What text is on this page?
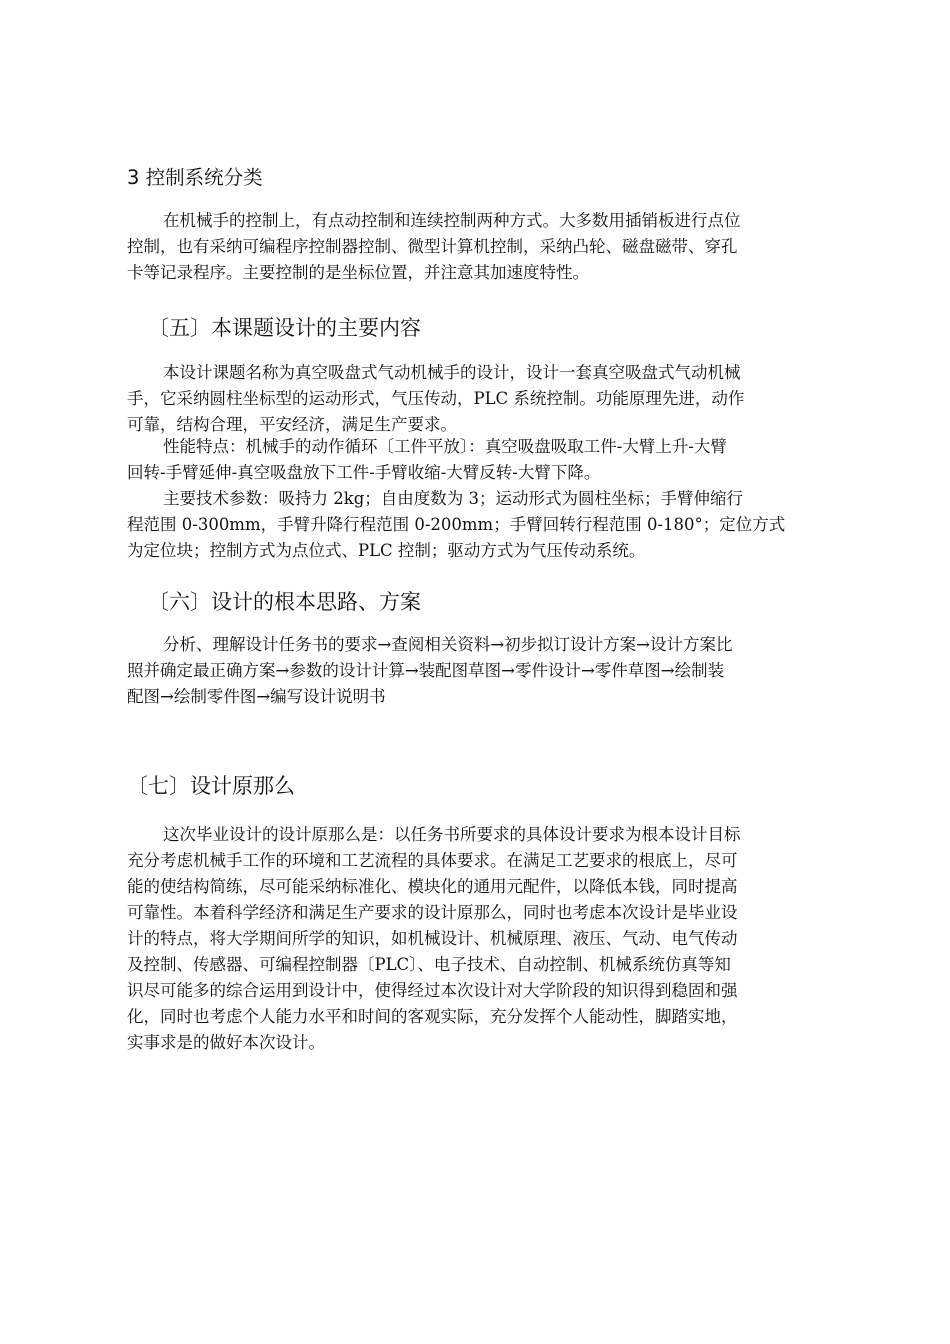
3 控制系统分类

在机械手的控制上，有点动控制和连续控制两种方式。大多数用插销板进行点位
控制，也有采纳可编程序控制器控制、微型计算机控制，采纳凸轮、磁盘磁带、穿孔
卡等记录程序。主要控制的是坐标位置，并注意其加速度特性。

〔五〕本课题设计的主要内容

本设计课题名称为真空吸盘式气动机械手的设计，设计一套真空吸盘式气动机械
手，它采纳圆柱坐标型的运动形式，气压传动，PLC 系统控制。功能原理先进，动作
可靠，结构合理，平安经济，满足生产要求。

性能特点：机械手的动作循环〔工件平放〕：真空吸盘吸取工件-大臂上升-大臂
回转-手臂延伸-真空吸盘放下工件-手臂收缩-大臂反转-大臂下降。

主要技术参数：吸持力 2kg；自由度数为 3；运动形式为圆柱坐标；手臂伸缩行
程范围 0-300mm，手臂升降行程范围 0-200mm；手臂回转行程范围 0-180°；定位方式
为定位块；控制方式为点位式、PLC 控制；驱动方式为气压传动系统。

〔六〕设计的根本思路、方案

分析、理解设计任务书的要求→查阅相关资料→初步拟订设计方案→设计方案比
照并确定最正确方案→参数的设计计算→装配图草图→零件设计→零件草图→绘制装
配图→绘制零件图→编写设计说明书

〔七〕设计原那么

这次毕业设计的设计原那么是：以任务书所要求的具体设计要求为根本设计目标
充分考虑机械手工作的环境和工艺流程的具体要求。在满足工艺要求的根底上，尽可
能的使结构简练，尽可能采纳标准化、模块化的通用元配件，以降低本钱，同时提高
可靠性。本着科学经济和满足生产要求的设计原那么，同时也考虑本次设计是毕业设
计的特点，将大学期间所学的知识，如机械设计、机械原理、液压、气动、电气传动
及控制、传感器、可编程控制器〔PLC〕、电子技术、自动控制、机械系统仿真等知
识尽可能多的综合运用到设计中，使得经过本次设计对大学阶段的知识得到稳固和强
化，同时也考虑个人能力水平和时间的客观实际，充分发挥个人能动性，脚踏实地，
实事求是的做好本次设计。
